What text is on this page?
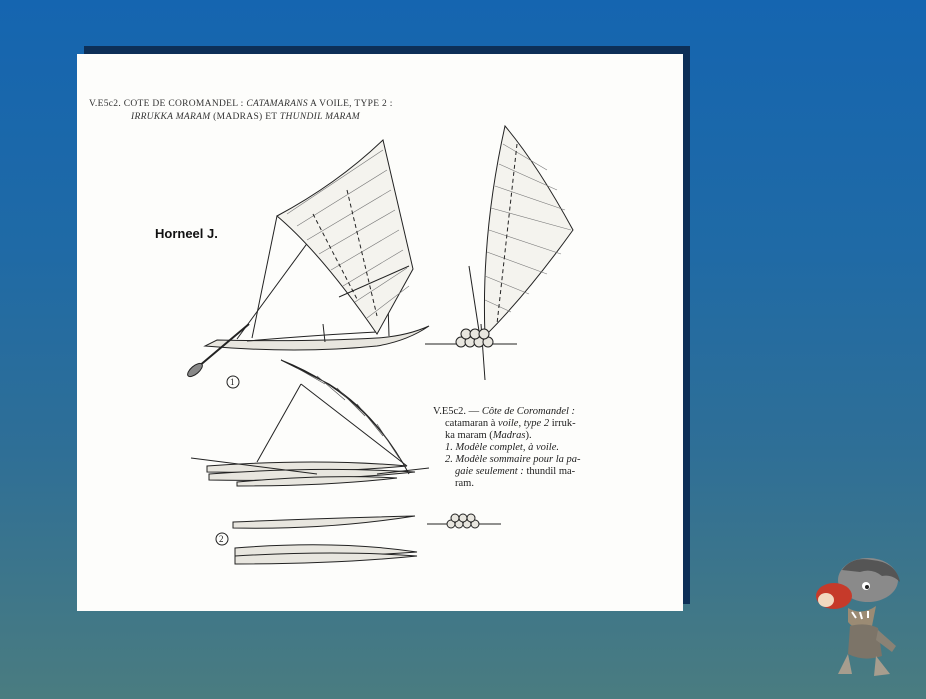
V.E5c2. COTE DE COROMANDEL : CATAMARANS A VOILE, TYPE 2 :
IRRUKKA MARAM (MADRAS) ET THUNDIL MARAM
Horneel J.
1
2
V.E5c2. — Côte de Coromandel :
catamaran à voile, type 2 irruk-
ka maram (Madras).
1. Modèle complet, à voile.
2. Modèle sommaire pour la pa-
gaie seulement : thundil ma-
ram.
